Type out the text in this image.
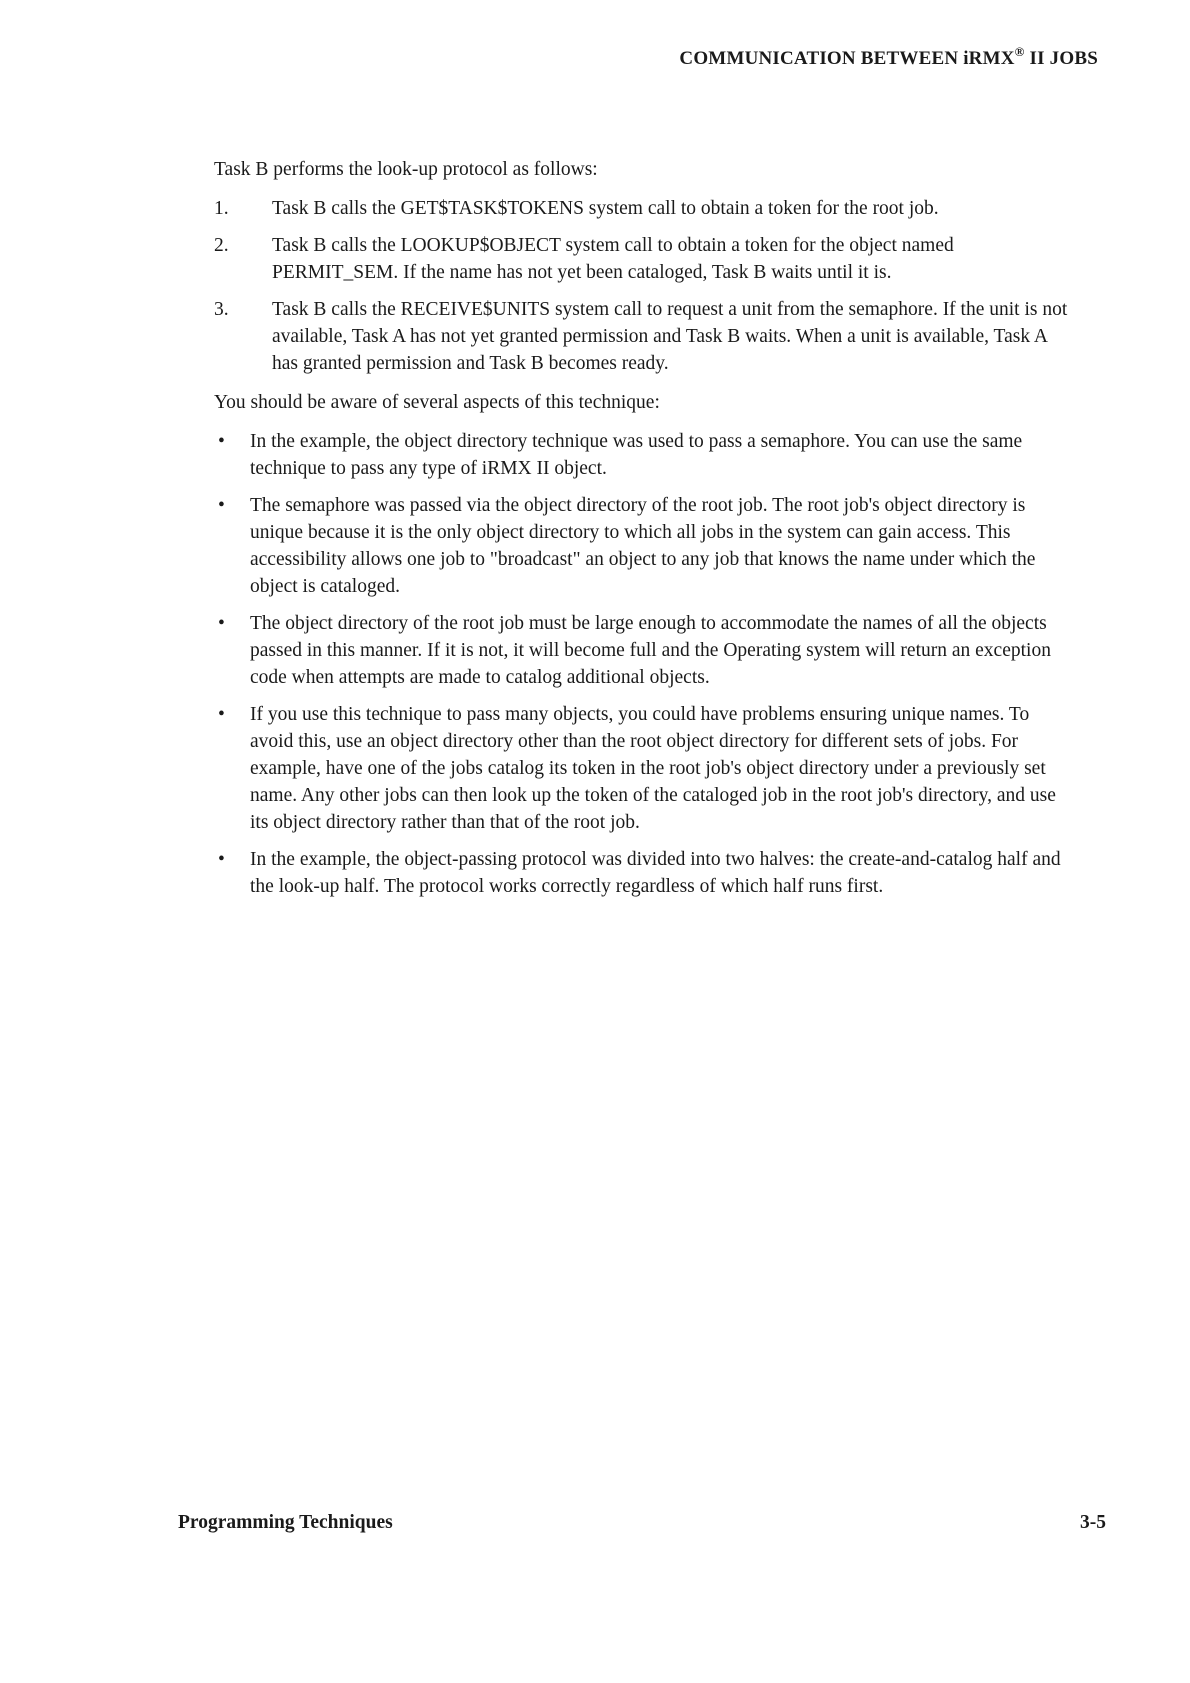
COMMUNICATION BETWEEN iRMX® II JOBS

Task B performs the look-up protocol as follows:

1. Task B calls the GET$TASK$TOKENS system call to obtain a token for the root job.
2. Task B calls the LOOKUP$OBJECT system call to obtain a token for the object named PERMIT_SEM. If the name has not yet been cataloged, Task B waits until it is.
3. Task B calls the RECEIVE$UNITS system call to request a unit from the semaphore. If the unit is not available, Task A has not yet granted permission and Task B waits. When a unit is available, Task A has granted permission and Task B becomes ready.

You should be aware of several aspects of this technique:

• In the example, the object directory technique was used to pass a semaphore. You can use the same technique to pass any type of iRMX II object.
• The semaphore was passed via the object directory of the root job. The root job's object directory is unique because it is the only object directory to which all jobs in the system can gain access. This accessibility allows one job to "broadcast" an object to any job that knows the name under which the object is cataloged.
• The object directory of the root job must be large enough to accommodate the names of all the objects passed in this manner. If it is not, it will become full and the Operating system will return an exception code when attempts are made to catalog additional objects.
• If you use this technique to pass many objects, you could have problems ensuring unique names. To avoid this, use an object directory other than the root object directory for different sets of jobs. For example, have one of the jobs catalog its token in the root job's object directory under a previously set name. Any other jobs can then look up the token of the cataloged job in the root job's directory, and use its object directory rather than that of the root job.
• In the example, the object-passing protocol was divided into two halves: the create-and-catalog half and the look-up half. The protocol works correctly regardless of which half runs first.
Programming Techniques	3-5
